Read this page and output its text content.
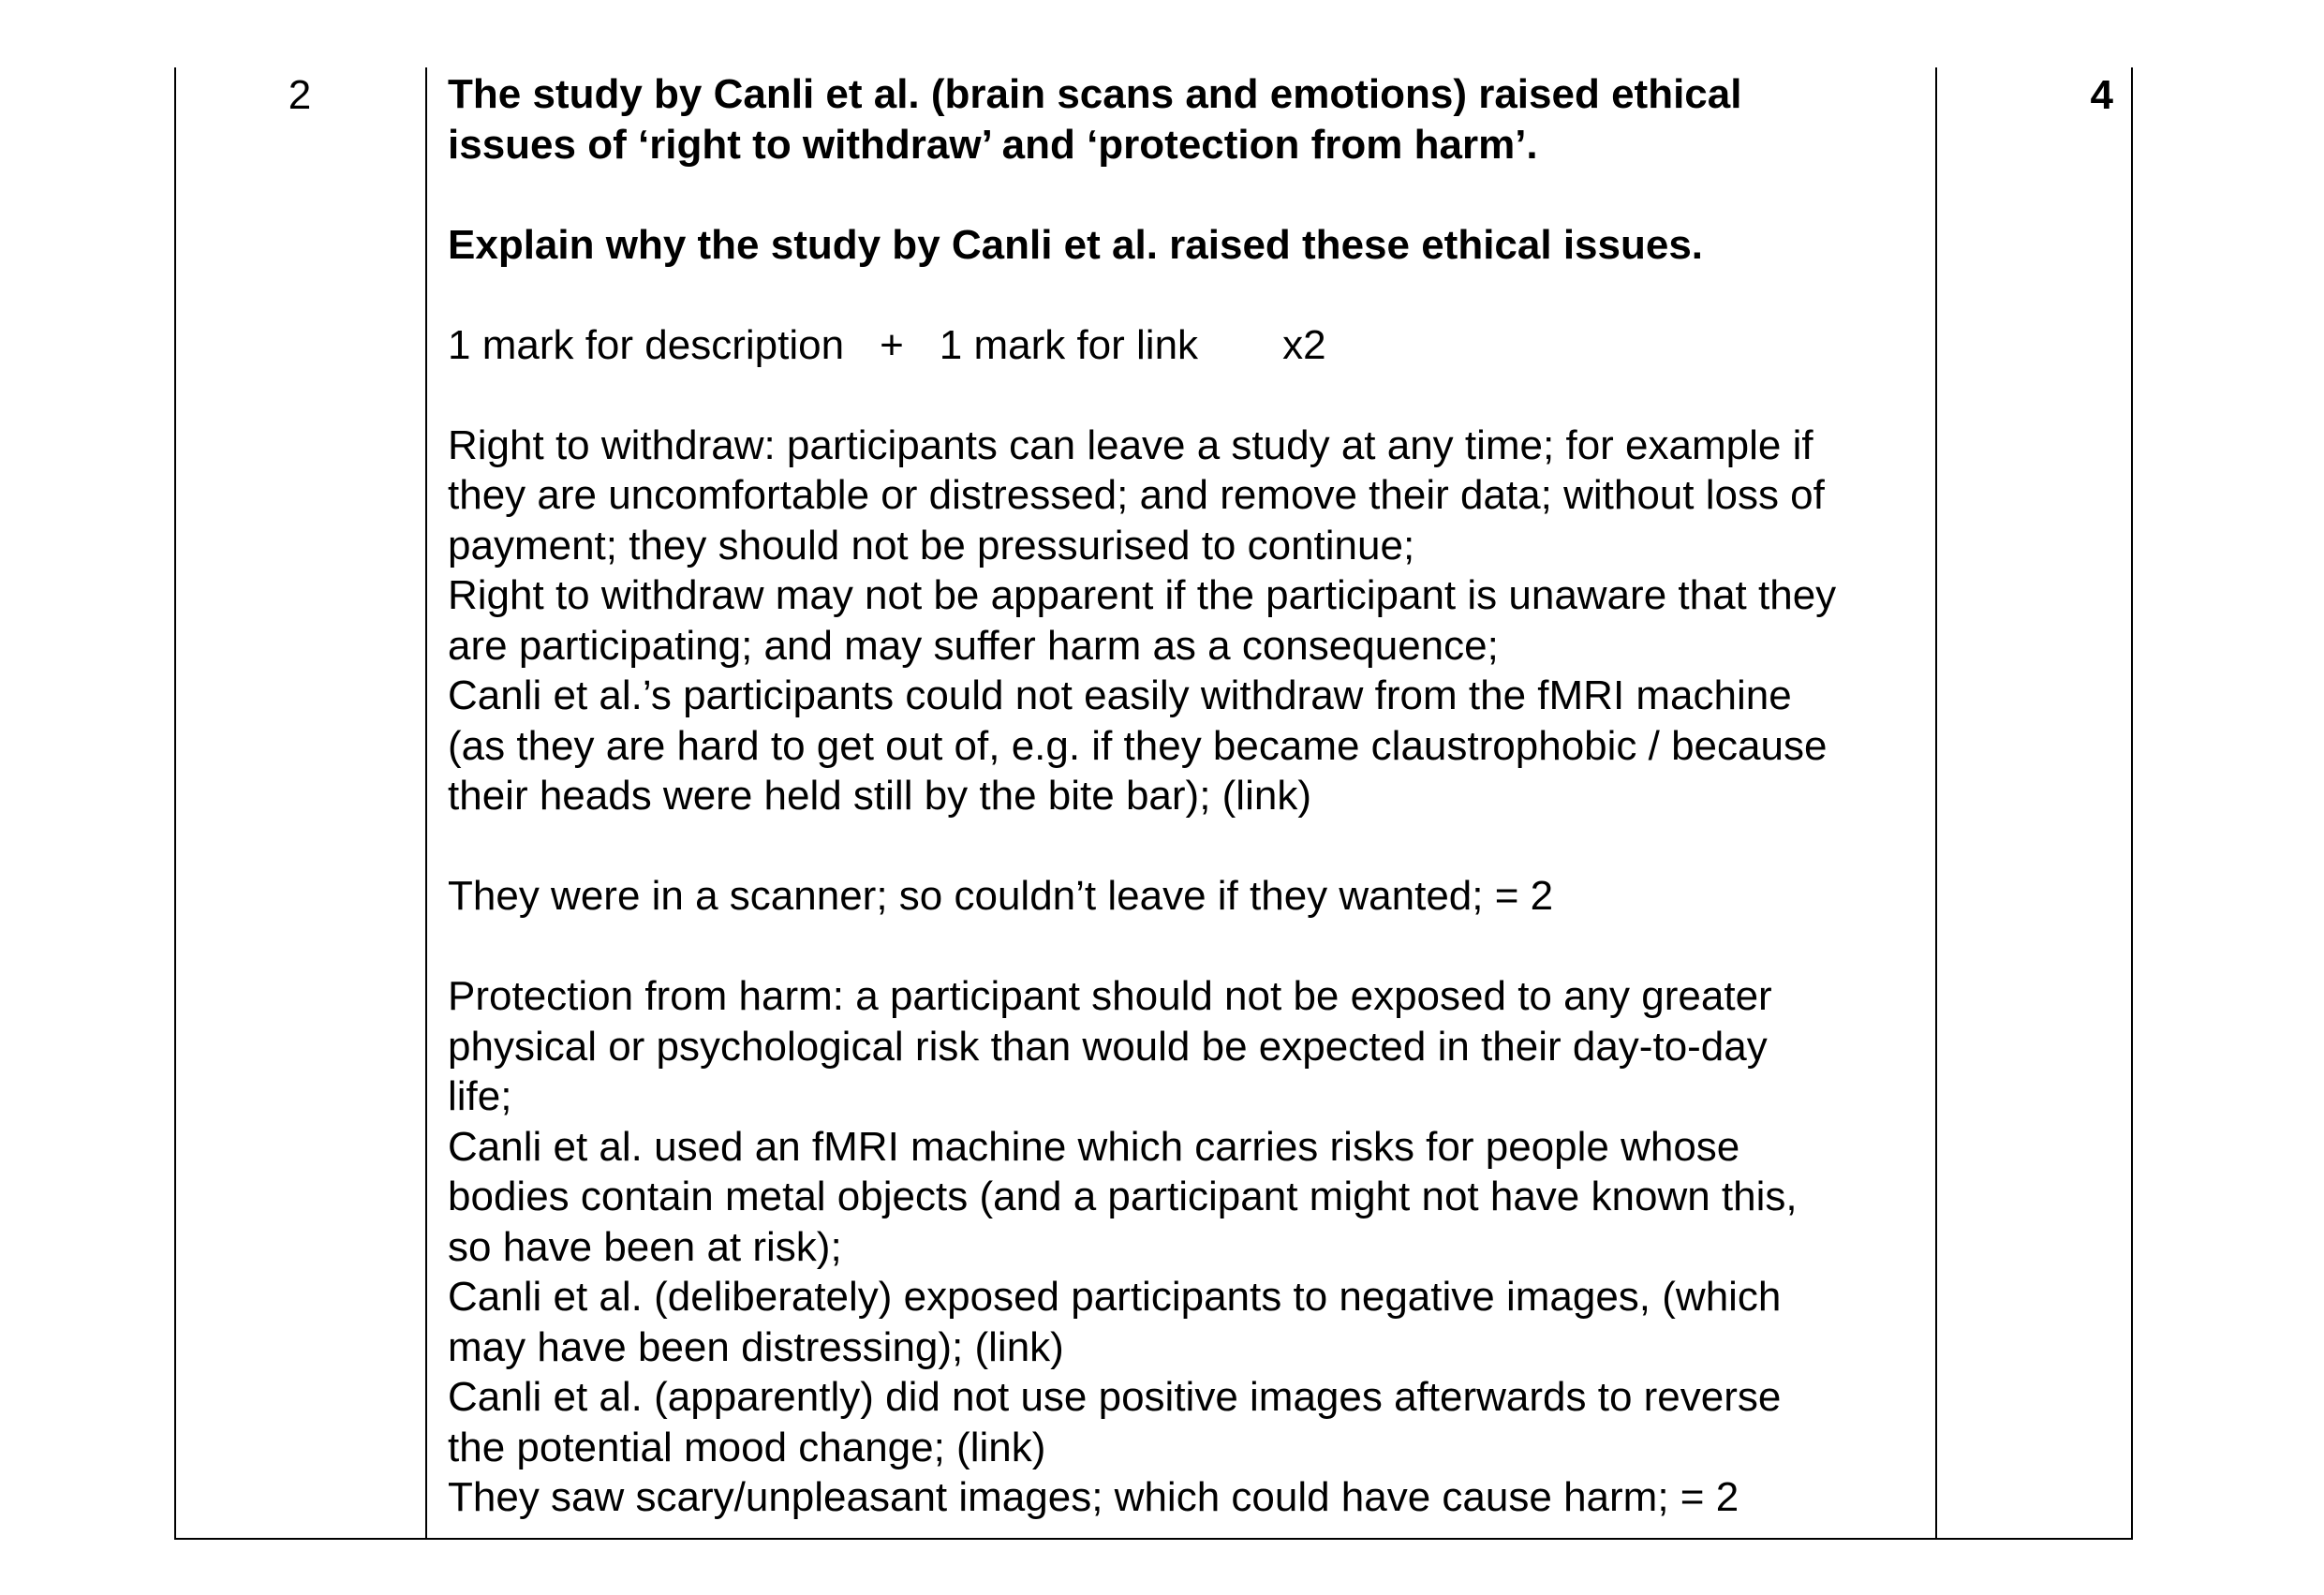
2	The study by Canli et al. (brain scans and emotions) raised ethical
issues of ‘right to withdraw’ and ‘protection from harm’.
Explain why the study by Canli et al. raised these ethical issues.
1 mark for description + 1 mark for link x2
Right to withdraw: participants can leave a study at any time; for example if
they are uncomfortable or distressed; and remove their data; without loss of
payment; they should not be pressurised to continue;
Right to withdraw may not be apparent if the participant is unaware that they
are participating; and may suffer harm as a consequence;
Canli et al.’s participants could not easily withdraw from the fMRI machine
(as they are hard to get out of, e.g. if they became claustrophobic / because
their heads were held still by the bite bar); (link)
They were in a scanner; so couldn’t leave if they wanted; = 2
Protection from harm: a participant should not be exposed to any greater
physical or psychological risk than would be expected in their day-to-day
life;
Canli et al. used an fMRI machine which carries risks for people whose
bodies contain metal objects (and a participant might not have known this,
so have been at risk);
Canli et al. (deliberately) exposed participants to negative images, (which
may have been distressing); (link)
Canli et al. (apparently) did not use positive images afterwards to reverse
the potential mood change; (link)
They saw scary/unpleasant images; which could have cause harm; = 2
4
